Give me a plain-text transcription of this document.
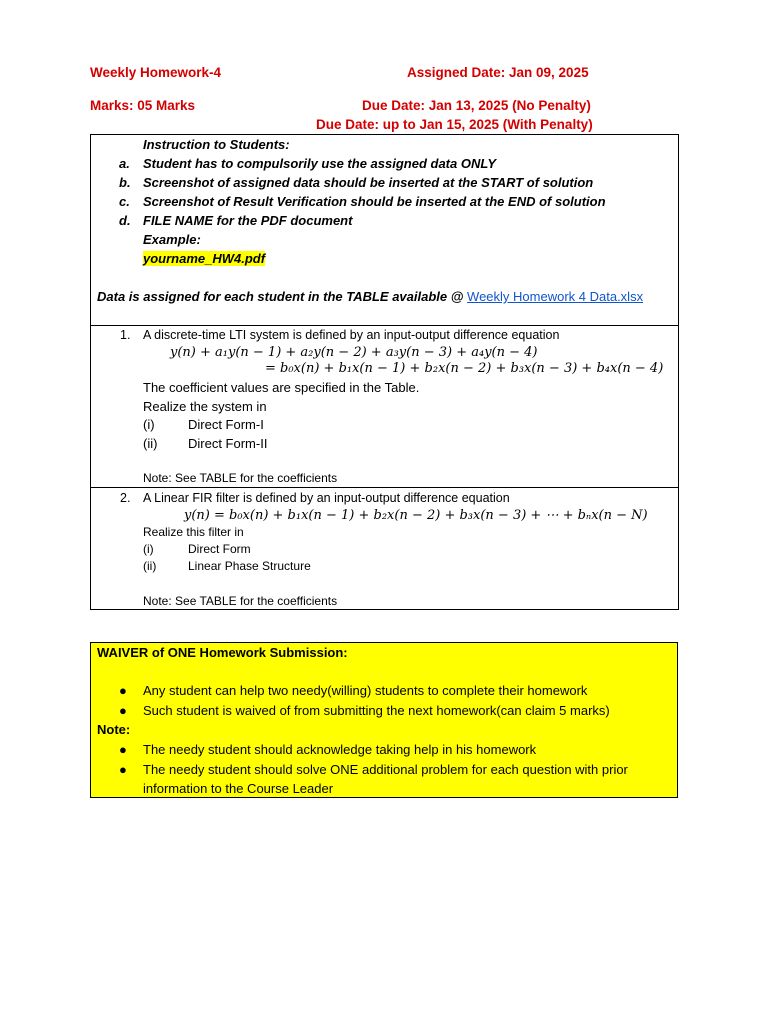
Weekly Homework-4	Assigned Date: Jan 09, 2025
Marks: 05 Marks	Due Date: Jan 13, 2025 (No Penalty)
Due Date: up to Jan 15, 2025 (With Penalty)
Instruction to Students:
a. Student has to compulsorily use the assigned data ONLY
b. Screenshot of assigned data should be inserted at the START of solution
c. Screenshot of Result Verification should be inserted at the END of solution
d. FILE NAME for the PDF document
Example:
yourname_HW4.pdf
Data is assigned for each student in the TABLE available @ Weekly Homework 4 Data.xlsx
1. A discrete-time LTI system is defined by an input-output difference equation
y(n) + a₁y(n − 1) + a₂y(n − 2) + a₃y(n − 3) + a₄y(n − 4)
= b₀x(n) + b₁x(n − 1) + b₂x(n − 2) + b₃x(n − 3) + b₄x(n − 4)
The coefficient values are specified in the Table.
Realize the system in
(i)	Direct Form-I
(ii) Direct Form-II
Note: See TABLE for the coefficients
2. A Linear FIR filter is defined by an input-output difference equation
y(n) = b₀x(n) + b₁x(n − 1) + b₂x(n − 2) + b₃x(n − 3) + ⋯ + bₙx(n − N)
Realize this filter in
(i)	Direct Form
(ii)	Linear Phase Structure
Note: See TABLE for the coefficients
WAIVER of ONE Homework Submission:
● Any student can help two needy(willing) students to complete their homework
● Such student is waived of from submitting the next homework(can claim 5 marks)
Note:
● The needy student should acknowledge taking help in his homework
● The needy student should solve ONE additional problem for each question with prior
information to the Course Leader
